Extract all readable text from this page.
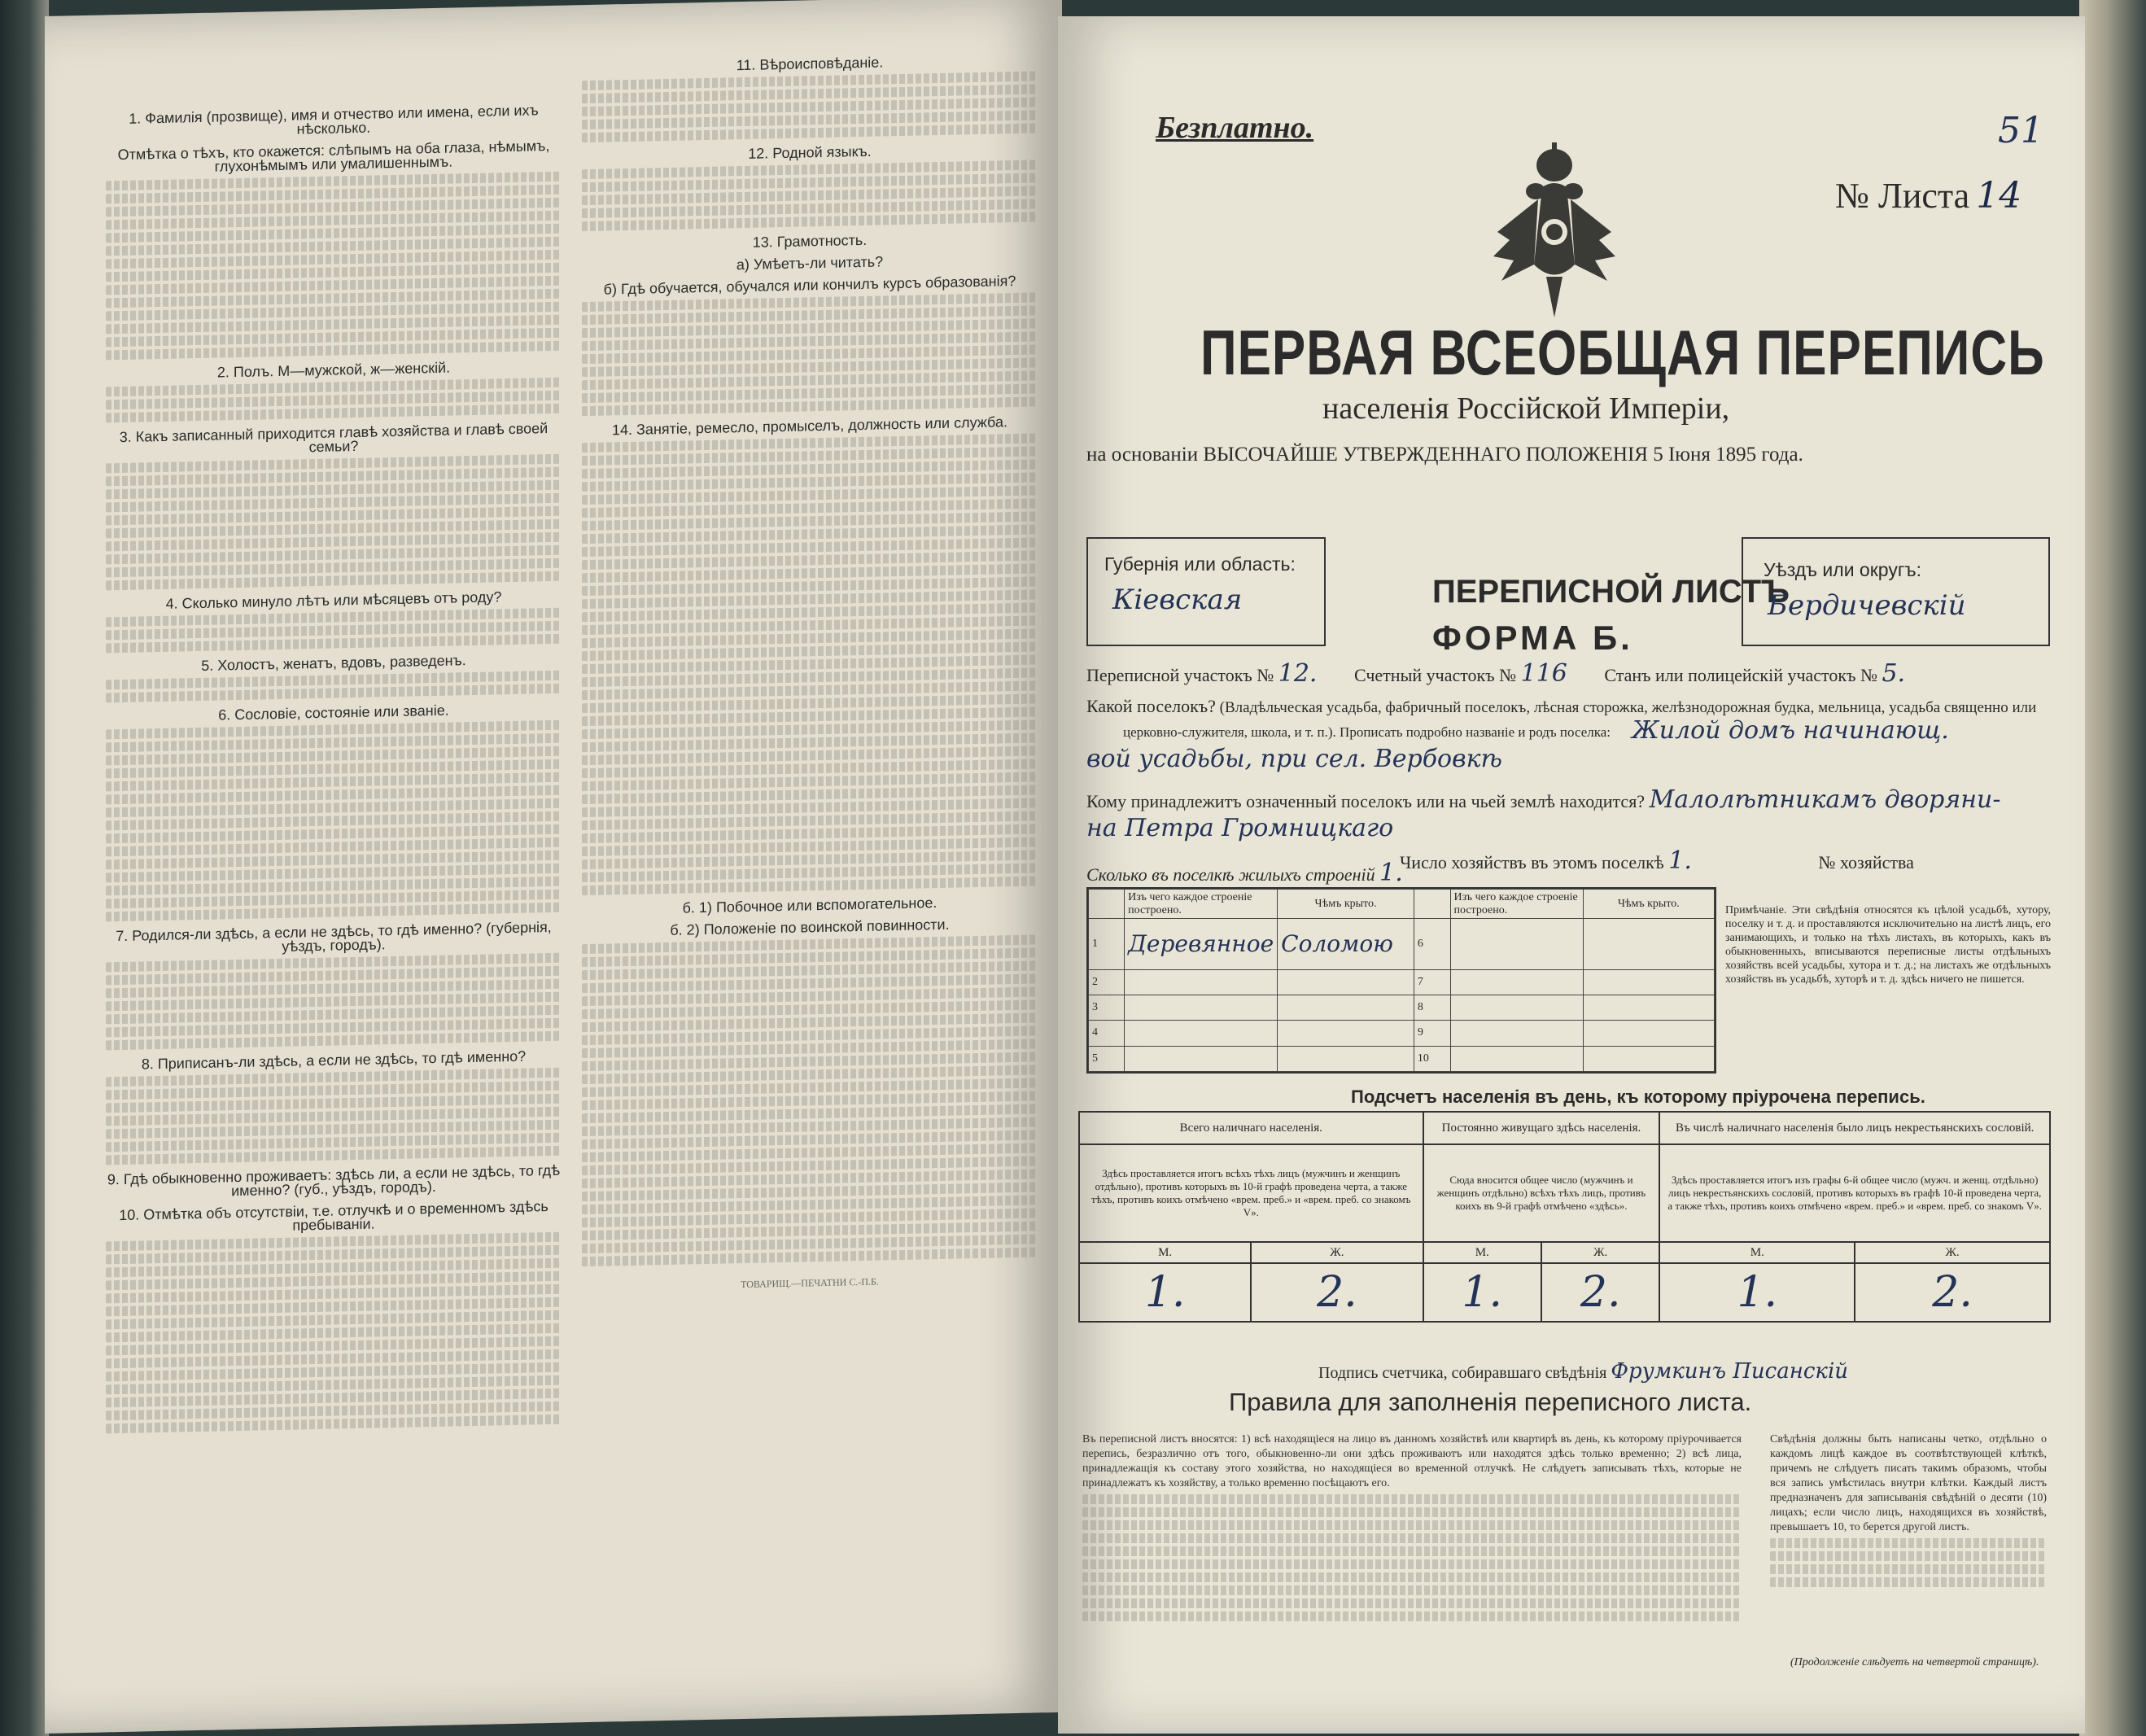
1. Фамилія (прозвище), имя и отчество или имена, если ихъ нѣсколько.
Отмѣтка о тѣхъ, кто окажется: слѣпымъ на оба глаза, нѣмымъ, глухонѣмымъ или умалишеннымъ.
2. Полъ. М—мужской, ж—женскій.
3. Какъ записанный приходится главѣ хозяйства и главѣ своей семьи?
4. Сколько минуло лѣтъ или мѣсяцевъ отъ роду?
5. Холостъ, женатъ, вдовъ, разведенъ.
6. Сословіе, состояніе или званіе.
7. Родился-ли здѣсь, а если не здѣсь, то гдѣ именно? (губернія, уѣздъ, городъ).
8. Приписанъ-ли здѣсь, а если не здѣсь, то гдѣ именно?
9. Гдѣ обыкновенно проживаетъ: здѣсь ли, а если не здѣсь, то гдѣ именно? (губ., уѣздъ, городъ).
10. Отмѣтка объ отсутствіи, т.е. отлучкѣ и о временномъ здѣсь пребываніи.
11. Вѣроисповѣданіе.
12. Родной языкъ.
13. Грамотность.
а) Умѣетъ-ли читать?
б) Гдѣ обучается, обучался или кончилъ курсъ образованія?
14. Занятіе, ремесло, промыселъ, должность или служба.
б. 1) Побочное или вспомогательное.
б. 2) Положеніе по воинской повинности.
ТОВАРИЩ.—ПЕЧАТНИ С.-П.Б.
Безплатно.	51
№ Листа 14
ПЕРВАЯ ВСЕОБЩАЯ ПЕРЕПИСЬ
населенія Россійской Имперіи,
на основаніи ВЫСОЧАЙШЕ УТВЕРЖДЕННАГО ПОЛОЖЕНІЯ 5 Іюня 1895 года.
Губернія или область:
Кіевская	ПЕРЕПИСНОЙ ЛИСТЪ
ФОРМА Б.
Уѣздъ или округъ:
Бердичевскій
Переписной участокъ № 12. Счетный участокъ № 116 Станъ или полицейскій участокъ № 5.
Какой поселокъ? (Владѣльческая усадьба, фабричный поселокъ, лѣсная сторожка, желѣзнодорожная будка, мельница, усадьба священно или
церковно-служителя, школа, и т. п.). Прописать подробно названіе и родъ поселка: Жилой домъ начинающ.
вой усадьбы, при сел. Вербовкѣ
Кому принадлежитъ означенный поселокъ или на чьей землѣ находится? Малолѣтникамъ дворяни-
на Петра Громницкаго
Число хозяйствъ въ этомъ поселкѣ 1.	№ хозяйства
Сколько въ поселкѣ жилыхъ строеній 1.
	Изъ чего каждое строеніе построено.	Чѣмъ крыто.		Изъ чего каждое строеніе построено.	Чѣмъ крыто.
1	Деревянное	Соломою	6		
2			7		
3			8		
4			9		
5			10		
Примѣчаніе. Эти свѣдѣнія относятся къ цѣлой усадьбѣ, хутору, поселку и т. д. и проставляются исключительно на листѣ лицъ, его занимающихъ, и только на тѣхъ листахъ, въ которыхъ, какъ въ обыкновенныхъ, вписываются переписные листы отдѣльныхъ хозяйствъ всей усадьбы, хутора и т. д.; на листахъ же отдѣльныхъ хозяйствъ въ усадьбѣ, хуторѣ и т. д. здѣсь ничего не пишется.
Подсчетъ населенія въ день, къ которому пріурочена перепись.
Всего наличнаго населенія.		Постоянно живущаго здѣсь населенія.		Въ числѣ наличнаго населенія было лицъ некрестьянскихъ сословій.	
Здѣсь проставляется итогъ всѣхъ тѣхъ лицъ (мужчинъ и женщинъ отдѣльно), противъ которыхъ въ 10-й графѣ проведена черта, а также тѣхъ, противъ коихъ отмѣчено «врем. преб.» и «врем. преб. со знакомъ V».		Сюда вносится общее число (мужчинъ и женщинъ отдѣльно) всѣхъ тѣхъ лицъ, противъ коихъ въ 9-й графѣ отмѣчено «здѣсь».		Здѣсь проставляется итогъ изъ графы 6-й общее число (мужч. и женщ. отдѣльно) лицъ некрестьянскихъ сословій, противъ которыхъ въ графѣ 10-й проведена черта, а также тѣхъ, противъ коихъ отмѣчено «врем. преб.» и «врем. преб. со знакомъ V».	
М.	Ж.	М.	Ж.	М.	Ж.
1.	2.	1.	2.	1.	2.
Подпись счетчика, собиравшаго свѣдѣнія Фрумкинъ Писанскій
Правила для заполненія переписного листа.
Въ переписной листъ вносятся: 1) всѣ находящіеся на лицо въ данномъ хозяйствѣ или квартирѣ въ день, къ которому пріурочивается перепись, безразлично отъ того, обыкновенно-ли они здѣсь проживаютъ или находятся здѣсь только временно; 2) всѣ лица, принадлежащія къ составу этого хозяйства, но находящіеся во временной отлучкѣ. Не слѣдуетъ записывать тѣхъ, которые не принадлежатъ къ хозяйству, а только временно посѣщаютъ его.
Свѣдѣнія должны быть написаны четко, отдѣльно о каждомъ лицѣ каждое въ соотвѣтствующей клѣткѣ, причемъ не слѣдуетъ писать такимъ образомъ, чтобы вся запись умѣстилась внутри клѣтки. Каждый листъ предназначенъ для записыванія свѣдѣній о десяти (10) лицахъ; если число лицъ, находящихся въ хозяйствѣ, превышаетъ 10, то берется другой листъ.
(Продолженіе слѣдуетъ на четвертой страницѣ).
